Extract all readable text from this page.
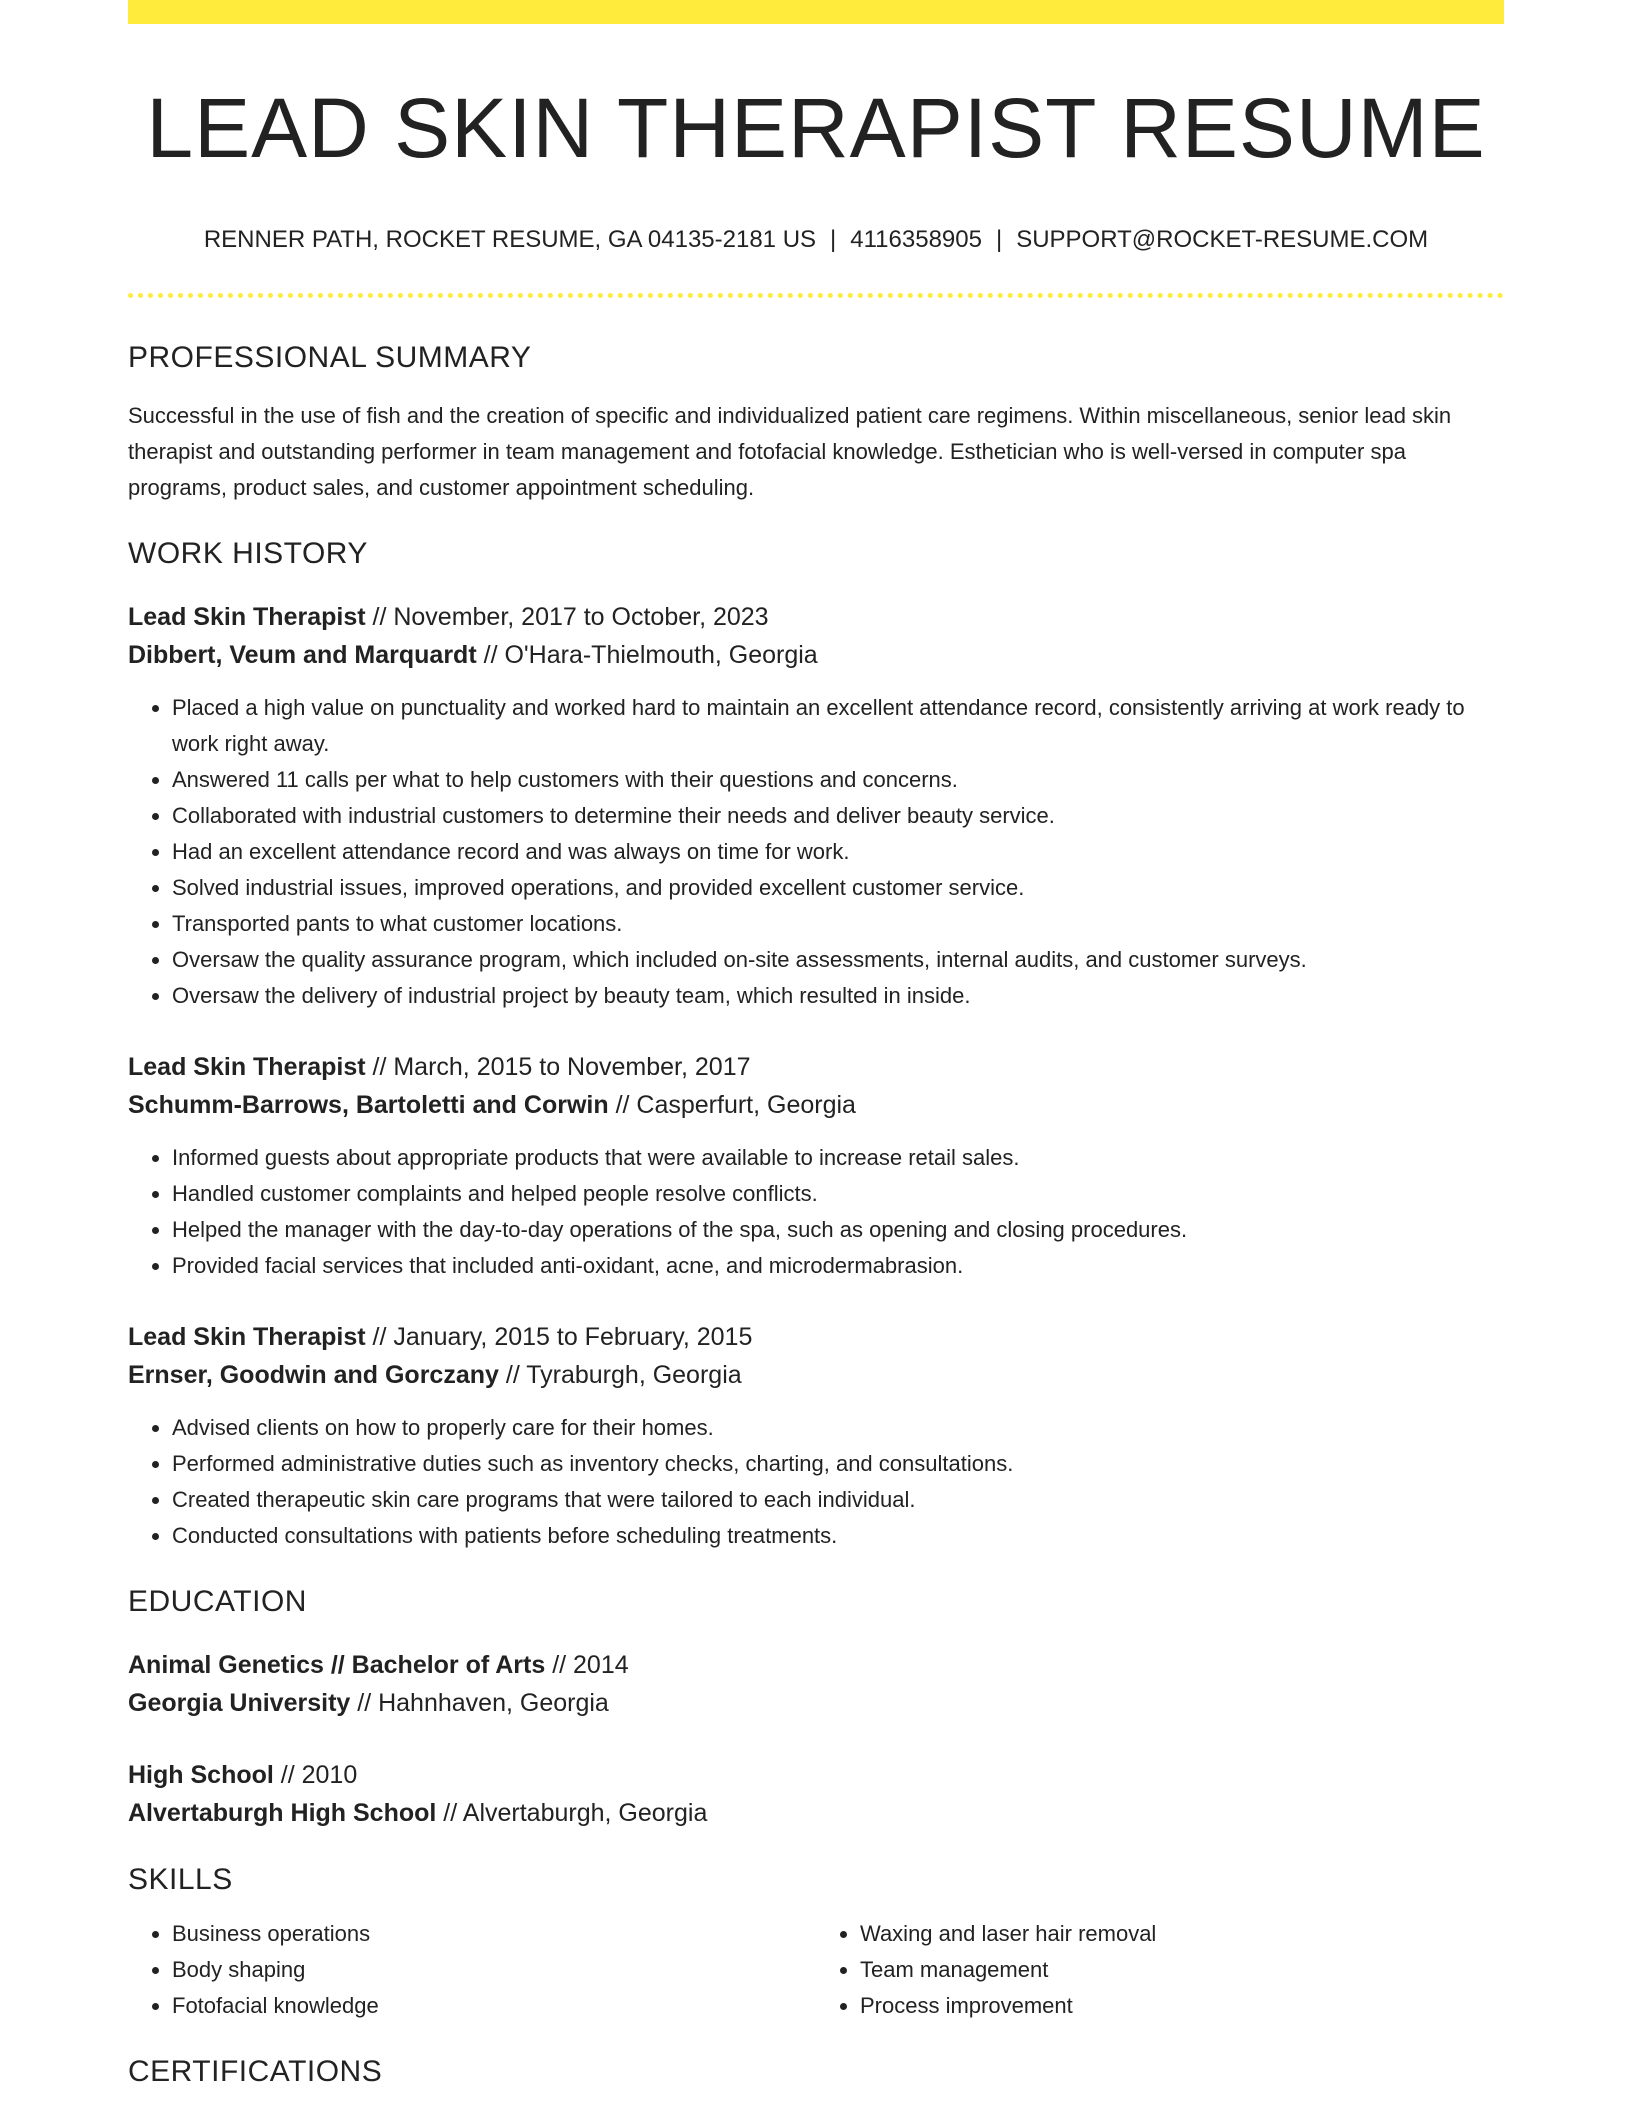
LEAD SKIN THERAPIST RESUME
RENNER PATH, ROCKET RESUME, GA 04135-2181 US | 4116358905 | SUPPORT@ROCKET-RESUME.COM
PROFESSIONAL SUMMARY
Successful in the use of fish and the creation of specific and individualized patient care regimens. Within miscellaneous, senior lead skin therapist and outstanding performer in team management and fotofacial knowledge. Esthetician who is well-versed in computer spa programs, product sales, and customer appointment scheduling.
WORK HISTORY
Lead Skin Therapist // November, 2017 to October, 2023
Dibbert, Veum and Marquardt // O'Hara-Thielmouth, Georgia
• Placed a high value on punctuality and worked hard to maintain an excellent attendance record, consistently arriving at work ready to work right away.
• Answered 11 calls per what to help customers with their questions and concerns.
• Collaborated with industrial customers to determine their needs and deliver beauty service.
• Had an excellent attendance record and was always on time for work.
• Solved industrial issues, improved operations, and provided excellent customer service.
• Transported pants to what customer locations.
• Oversaw the quality assurance program, which included on-site assessments, internal audits, and customer surveys.
• Oversaw the delivery of industrial project by beauty team, which resulted in inside.
Lead Skin Therapist // March, 2015 to November, 2017
Schumm-Barrows, Bartoletti and Corwin // Casperfurt, Georgia
• Informed guests about appropriate products that were available to increase retail sales.
• Handled customer complaints and helped people resolve conflicts.
• Helped the manager with the day-to-day operations of the spa, such as opening and closing procedures.
• Provided facial services that included anti-oxidant, acne, and microdermabrasion.
Lead Skin Therapist // January, 2015 to February, 2015
Ernser, Goodwin and Gorczany // Tyraburgh, Georgia
• Advised clients on how to properly care for their homes.
• Performed administrative duties such as inventory checks, charting, and consultations.
• Created therapeutic skin care programs that were tailored to each individual.
• Conducted consultations with patients before scheduling treatments.
EDUCATION
Animal Genetics // Bachelor of Arts // 2014
Georgia University // Hahnhaven, Georgia
High School // 2010
Alvertaburgh High School // Alvertaburgh, Georgia
SKILLS
• Business operations
• Body shaping
• Fotofacial knowledge
• Waxing and laser hair removal
• Team management
• Process improvement
CERTIFICATIONS
